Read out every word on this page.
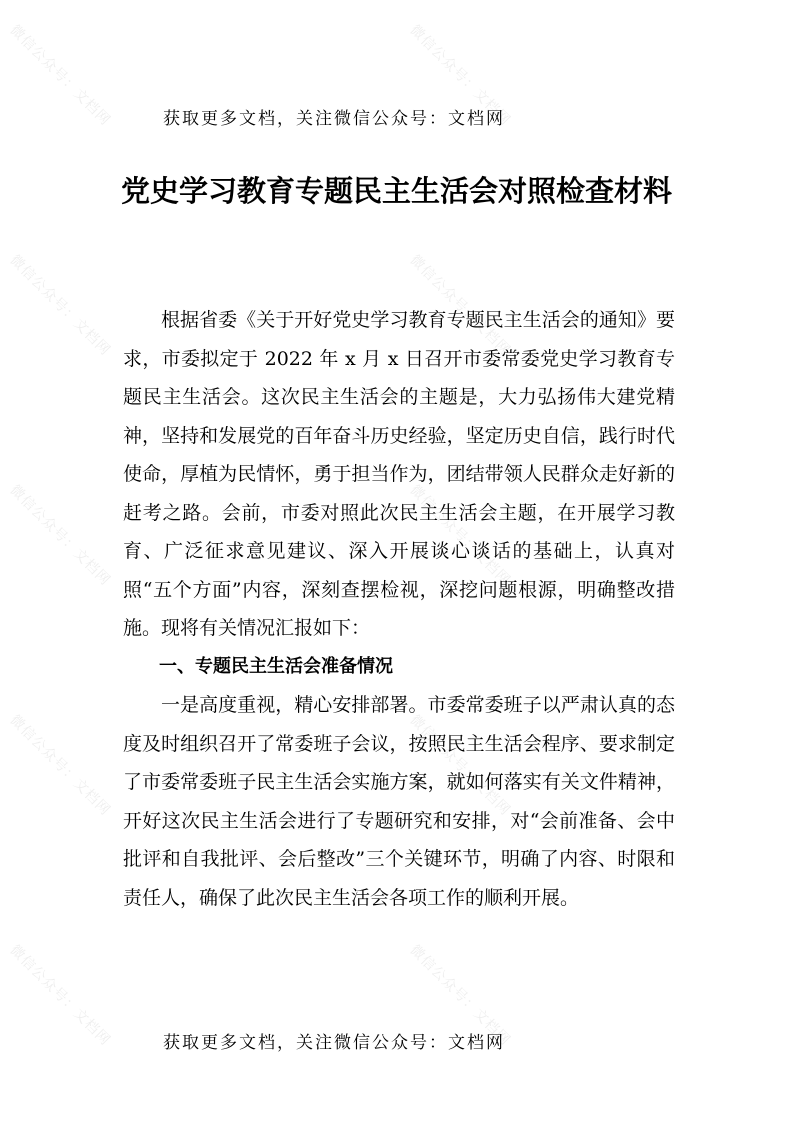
微信公众号：文档网	微信公众号：文档网
微信公众号：文档网	微信公众号：文档网
微信公众号：文档网	微信公众号：文档网
微信公众号：文档网	微信公众号：文档网
微信公众号：文档网	微信公众号：文档网
获取更多文档，关注微信公众号：文档网
党史学习教育专题民主生活会对照检查材料

根据省委《关于开好党史学习教育专题民主生活会的通知》要求，市委拟定于 2022 年 x 月 x 日召开市委常委党史学习教育专题民主生活会。这次民主生活会的主题是，大力弘扬伟大建党精神，坚持和发展党的百年奋斗历史经验，坚定历史自信，践行时代使命，厚植为民情怀，勇于担当作为，团结带领人民群众走好新的赶考之路。会前，市委对照此次民主生活会主题，在开展学习教育、广泛征求意见建议、深入开展谈心谈话的基础上，认真对照“五个方面”内容，深刻查摆检视，深挖问题根源，明确整改措施。现将有关情况汇报如下：

一、专题民主生活会准备情况

一是高度重视，精心安排部署。市委常委班子以严肃认真的态度及时组织召开了常委班子会议，按照民主生活会程序、要求制定了市委常委班子民主生活会实施方案，就如何落实有关文件精神，开好这次民主生活会进行了专题研究和安排，对“会前准备、会中批评和自我批评、会后整改”三个关键环节，明确了内容、时限和责任人，确保了此次民主生活会各项工作的顺利开展。

获取更多文档，关注微信公众号：文档网
